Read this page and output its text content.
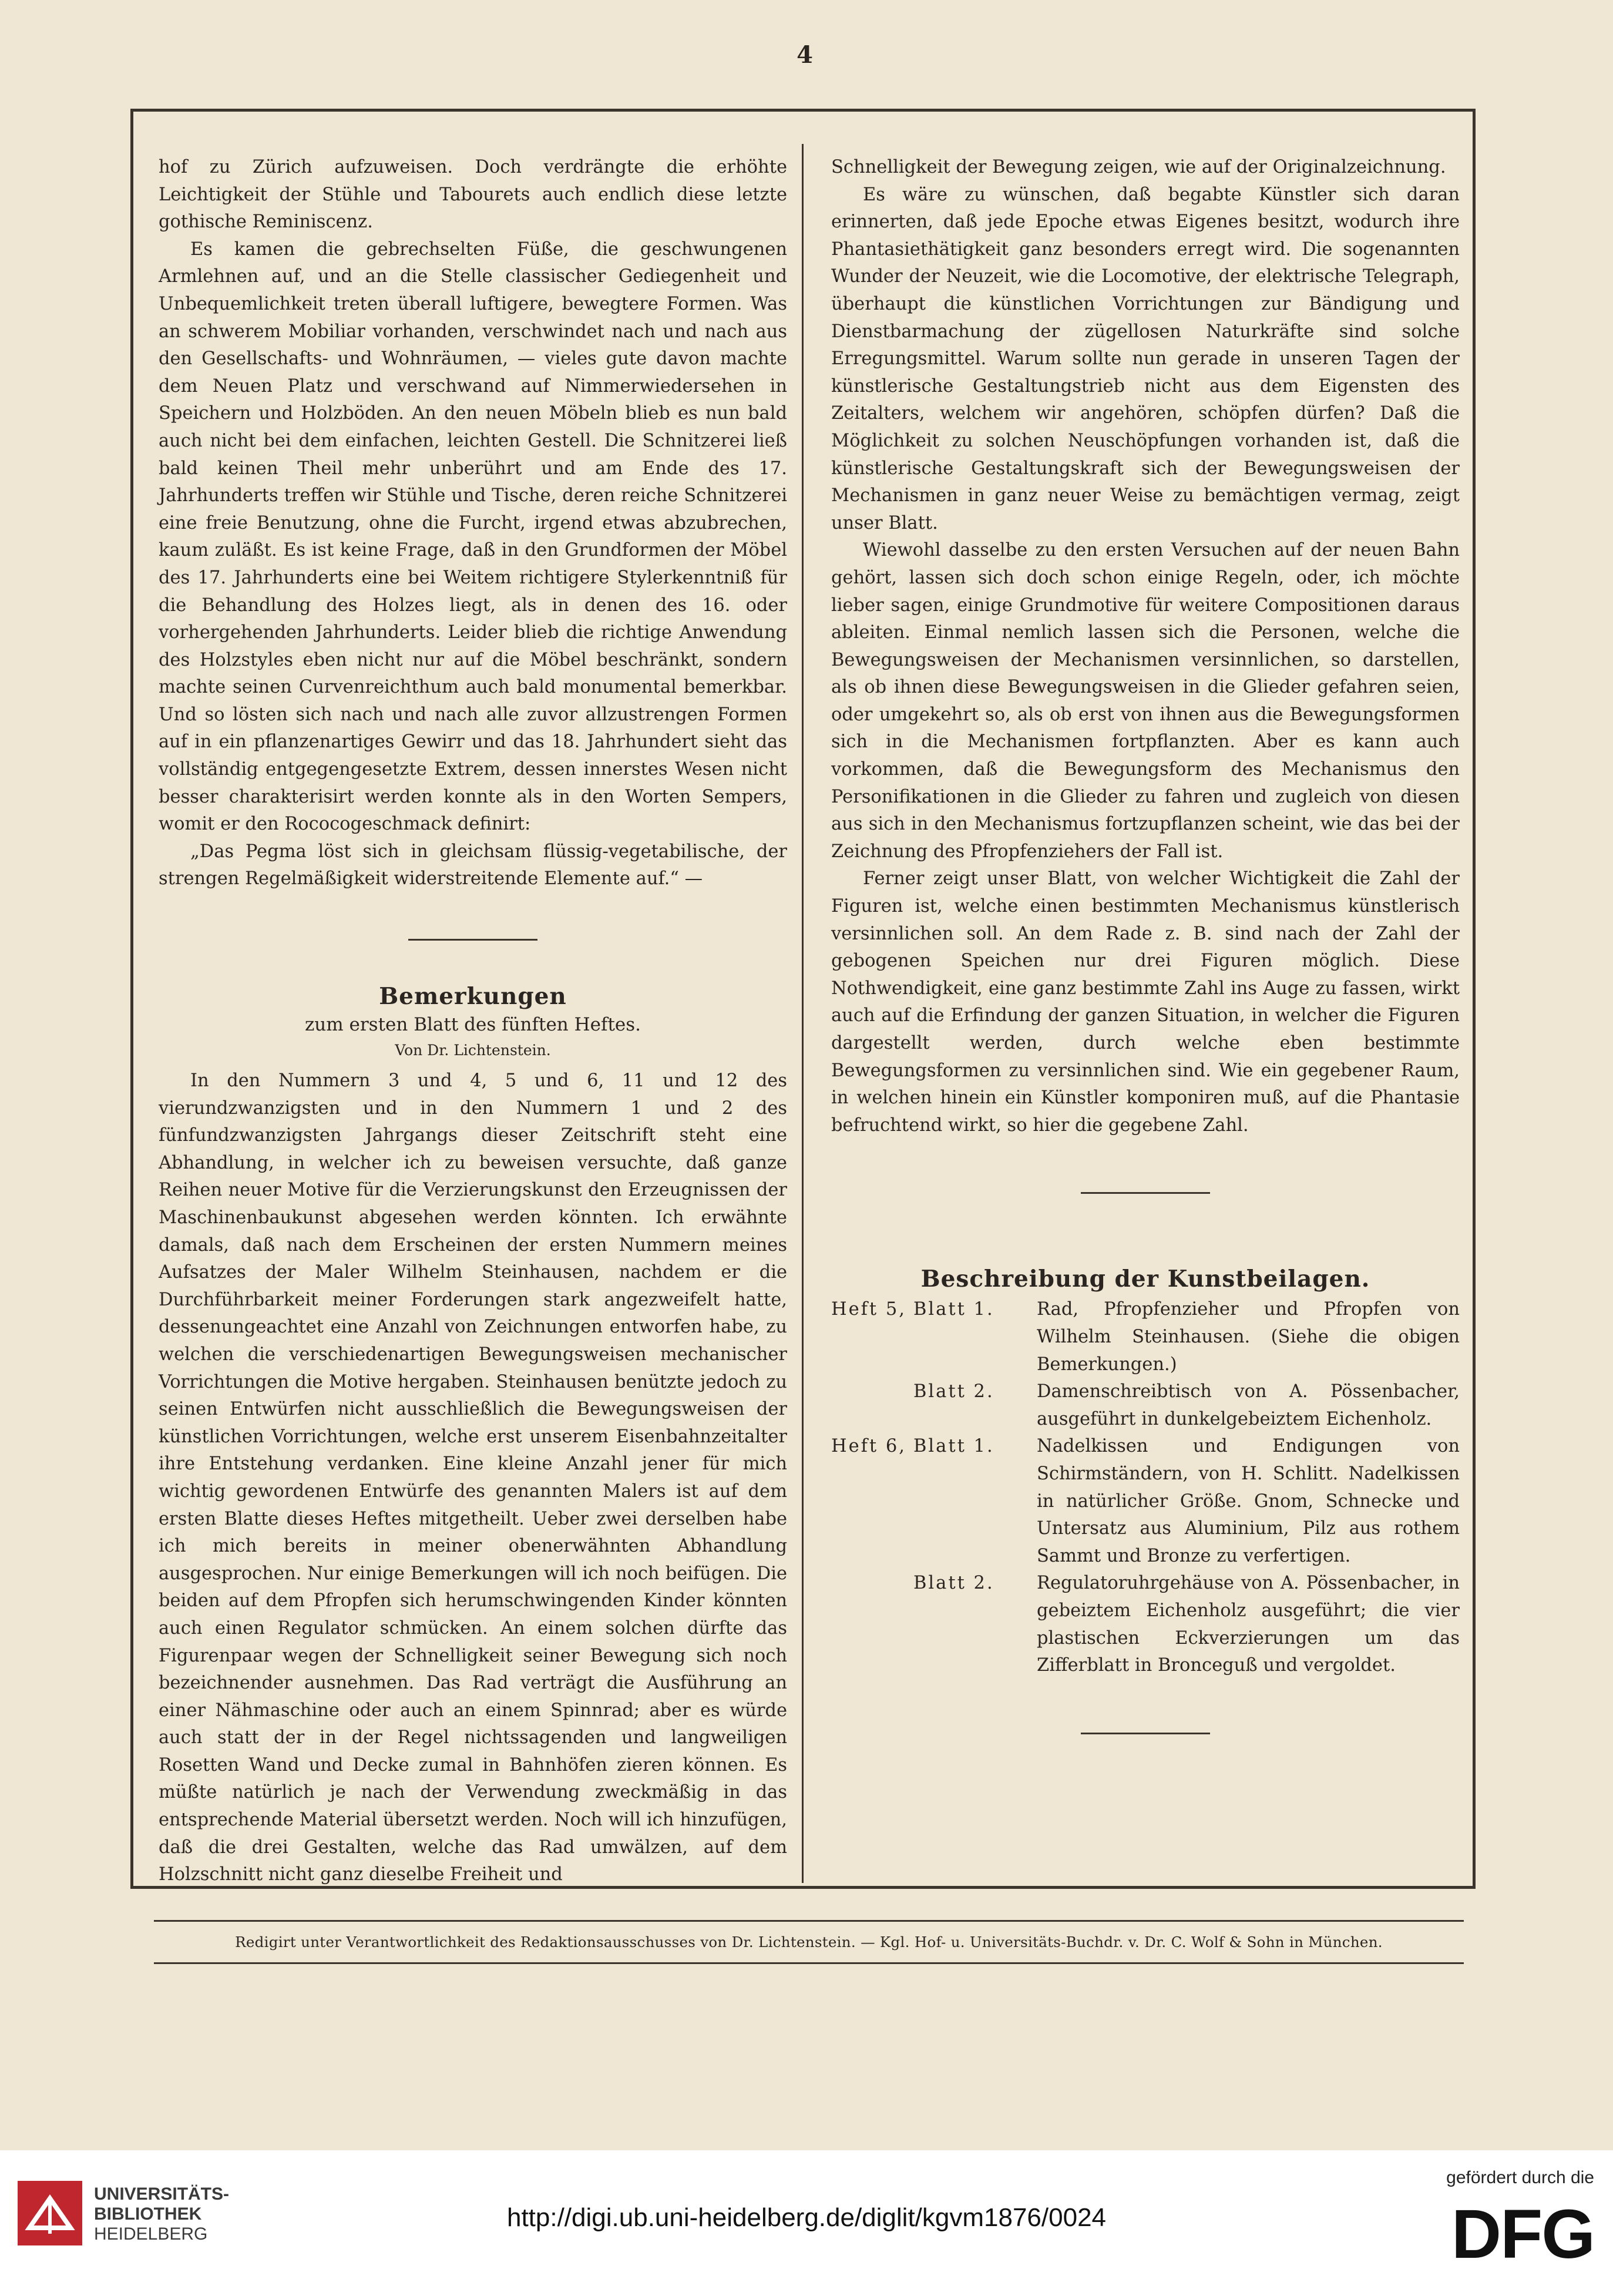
4

hof zu Zürich aufzuweisen. Doch verdrängte die erhöhte Leichtigkeit der Stühle und Tabourets auch endlich diese letzte gothische Reminiscenz.

Es kamen die gebrechselten Füße, die geschwungenen Armlehnen auf, und an die Stelle classischer Gediegenheit und Unbequemlichkeit treten überall luftigere, bewegtere Formen. Was an schwerem Mobiliar vorhanden, verschwindet nach und nach aus den Gesellschafts- und Wohnräumen, — vieles gute davon machte dem Neuen Platz und verschwand auf Nimmerwiedersehen in Speichern und Holzböden. An den neuen Möbeln blieb es nun bald auch nicht bei dem einfachen, leichten Gestell. Die Schnitzerei ließ bald keinen Theil mehr unberührt und am Ende des 17. Jahrhunderts treffen wir Stühle und Tische, deren reiche Schnitzerei eine freie Benutzung, ohne die Furcht, irgend etwas abzubrechen, kaum zuläßt. Es ist keine Frage, daß in den Grundformen der Möbel des 17. Jahrhunderts eine bei Weitem richtigere Stylerkenntniß für die Behandlung des Holzes liegt, als in denen des 16. oder vorhergehenden Jahrhunderts. Leider blieb die richtige Anwendung des Holzstyles eben nicht nur auf die Möbel beschränkt, sondern machte seinen Curvenreichthum auch bald monumental bemerkbar. Und so lösten sich nach und nach alle zuvor allzustrengen Formen auf in ein pflanzenartiges Gewirr und das 18. Jahrhundert sieht das vollständig entgegengesetzte Extrem, dessen innerstes Wesen nicht besser charakterisirt werden konnte als in den Worten Sempers, womit er den Rococogeschmack definirt:

„Das Pegma löst sich in gleichsam flüssig-vegetabilische, der strengen Regelmäßigkeit widerstreitende Elemente auf.“ —

Bemerkungen
zum ersten Blatt des fünften Heftes.
Von Dr. Lichtenstein.

In den Nummern 3 und 4, 5 und 6, 11 und 12 des vierundzwanzigsten und in den Nummern 1 und 2 des fünfundzwanzigsten Jahrgangs dieser Zeitschrift steht eine Abhandlung, in welcher ich zu beweisen versuchte, daß ganze Reihen neuer Motive für die Verzierungskunst den Erzeugnissen der Maschinenbaukunst abgesehen werden könnten. Ich erwähnte damals, daß nach dem Erscheinen der ersten Nummern meines Aufsatzes der Maler Wilhelm Steinhausen, nachdem er die Durchführbarkeit meiner Forderungen stark angezweifelt hatte, dessenungeachtet eine Anzahl von Zeichnungen entworfen habe, zu welchen die verschiedenartigen Bewegungsweisen mechanischer Vorrichtungen die Motive hergaben. Steinhausen benützte jedoch zu seinen Entwürfen nicht ausschließlich die Bewegungsweisen der künstlichen Vorrichtungen, welche erst unserem Eisenbahnzeitalter ihre Entstehung verdanken. Eine kleine Anzahl jener für mich wichtig gewordenen Entwürfe des genannten Malers ist auf dem ersten Blatte dieses Heftes mitgetheilt. Ueber zwei derselben habe ich mich bereits in meiner obenerwähnten Abhandlung ausgesprochen. Nur einige Bemerkungen will ich noch beifügen. Die beiden auf dem Pfropfen sich herumschwingenden Kinder könnten auch einen Regulator schmücken. An einem solchen dürfte das Figurenpaar wegen der Schnelligkeit seiner Bewegung sich noch bezeichnender ausnehmen. Das Rad verträgt die Ausführung an einer Nähmaschine oder auch an einem Spinnrad; aber es würde auch statt der in der Regel nichtssagenden und langweiligen Rosetten Wand und Decke zumal in Bahnhöfen zieren können. Es müßte natürlich je nach der Verwendung zweckmäßig in das entsprechende Material übersetzt werden. Noch will ich hinzufügen, daß die drei Gestalten, welche das Rad umwälzen, auf dem Holzschnitt nicht ganz dieselbe Freiheit und

Schnelligkeit der Bewegung zeigen, wie auf der Originalzeichnung.

Es wäre zu wünschen, daß begabte Künstler sich daran erinnerten, daß jede Epoche etwas Eigenes besitzt, wodurch ihre Phantasiethätigkeit ganz besonders erregt wird. Die sogenannten Wunder der Neuzeit, wie die Locomotive, der elektrische Telegraph, überhaupt die künstlichen Vorrichtungen zur Bändigung und Dienstbarmachung der zügellosen Naturkräfte sind solche Erregungsmittel. Warum sollte nun gerade in unseren Tagen der künstlerische Gestaltungstrieb nicht aus dem Eigensten des Zeitalters, welchem wir angehören, schöpfen dürfen? Daß die Möglichkeit zu solchen Neuschöpfungen vorhanden ist, daß die künstlerische Gestaltungskraft sich der Bewegungsweisen der Mechanismen in ganz neuer Weise zu bemächtigen vermag, zeigt unser Blatt.

Wiewohl dasselbe zu den ersten Versuchen auf der neuen Bahn gehört, lassen sich doch schon einige Regeln, oder, ich möchte lieber sagen, einige Grundmotive für weitere Compositionen daraus ableiten. Einmal nemlich lassen sich die Personen, welche die Bewegungsweisen der Mechanismen versinnlichen, so darstellen, als ob ihnen diese Bewegungsweisen in die Glieder gefahren seien, oder umgekehrt so, als ob erst von ihnen aus die Bewegungsformen sich in die Mechanismen fortpflanzten. Aber es kann auch vorkommen, daß die Bewegungsform des Mechanismus den Personifikationen in die Glieder zu fahren und zugleich von diesen aus sich in den Mechanismus fortzupflanzen scheint, wie das bei der Zeichnung des Pfropfenziehers der Fall ist.

Ferner zeigt unser Blatt, von welcher Wichtigkeit die Zahl der Figuren ist, welche einen bestimmten Mechanismus künstlerisch versinnlichen soll. An dem Rade z. B. sind nach der Zahl der gebogenen Speichen nur drei Figuren möglich. Diese Nothwendigkeit, eine ganz bestimmte Zahl ins Auge zu fassen, wirkt auch auf die Erfindung der ganzen Situation, in welcher die Figuren dargestellt werden, durch welche eben bestimmte Bewegungsformen zu versinnlichen sind. Wie ein gegebener Raum, in welchen hinein ein Künstler komponiren muß, auf die Phantasie befruchtend wirkt, so hier die gegebene Zahl.

Beschreibung der Kunstbeilagen.
Heft 5, Blatt 1.	Rad, Pfropfenzieher und Pfropfen von Wilhelm Steinhausen. (Siehe die obigen Bemerkungen.)
Blatt 2.	Damenschreibtisch von A. Pössenbacher, ausgeführt in dunkelgebeiztem Eichenholz.
Heft 6, Blatt 1.	Nadelkissen und Endigungen von Schirmständern, von H. Schlitt. Nadelkissen in natürlicher Größe. Gnom, Schnecke und Untersatz aus Aluminium, Pilz aus rothem Sammt und Bronze zu verfertigen.
Blatt 2.	Regulatoruhrgehäuse von A. Pössenbacher, in gebeiztem Eichenholz ausgeführt; die vier plastischen Eckverzierungen um das Zifferblatt in Bronceguß und vergoldet.
Redigirt unter Verantwortlichkeit des Redaktionsausschusses von Dr. Lichtenstein. — Kgl. Hof- u. Universitäts-Buchdr. v. Dr. C. Wolf & Sohn in München.
UNIVERSITÄTS-
BIBLIOTHEK
HEIDELBERG
http://digi.ub.uni-heidelberg.de/diglit/kgvm1876/0024
gefördert durch die
DFG
